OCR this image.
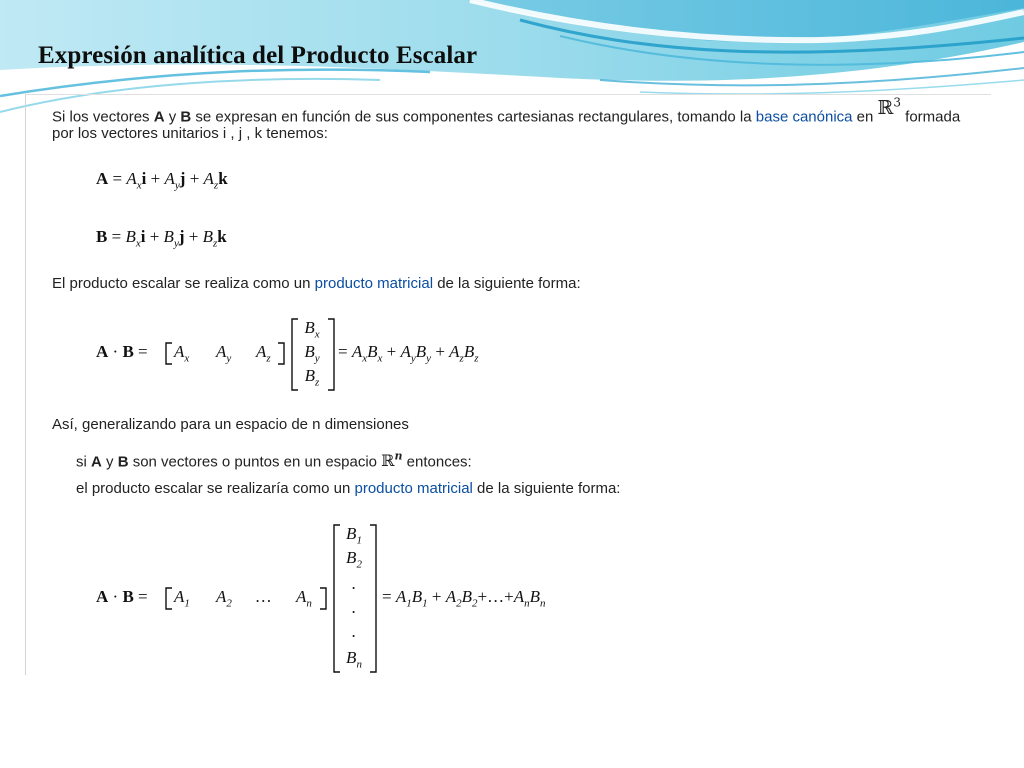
Expresión analítica del Producto Escalar
Si los vectores A y B se expresan en función de sus componentes cartesianas rectangulares, tomando la base canónica en ℝ$^3$ formada
por los vectores unitarios i , j , k tenemos:
$A = A_xi + A_yj + A_zk$
$B = B_xi + B_yj + B_zk$
El producto escalar se realiza como un producto matricial de la siguiente forma:
$A \cdot B = A_x$ $A_y$ $A_z$
$B_x$
$B_y$
$B_z$
= $A_xB_x + A_yB_y + A_zB_z$
Así, generalizando para un espacio de n dimensiones
si A y B son vectores o puntos en un espacio ℝ$^n$ entonces:
el producto escalar se realizaría como un producto matricial de la siguiente forma:
$A \cdot B = A_1$ $A_2$ … $A_n$
$B_1$
$B_2$
.
.
.
$B_n$
= $A_1B_1$ + $A_2B_2+\dots+A_nB_n$
